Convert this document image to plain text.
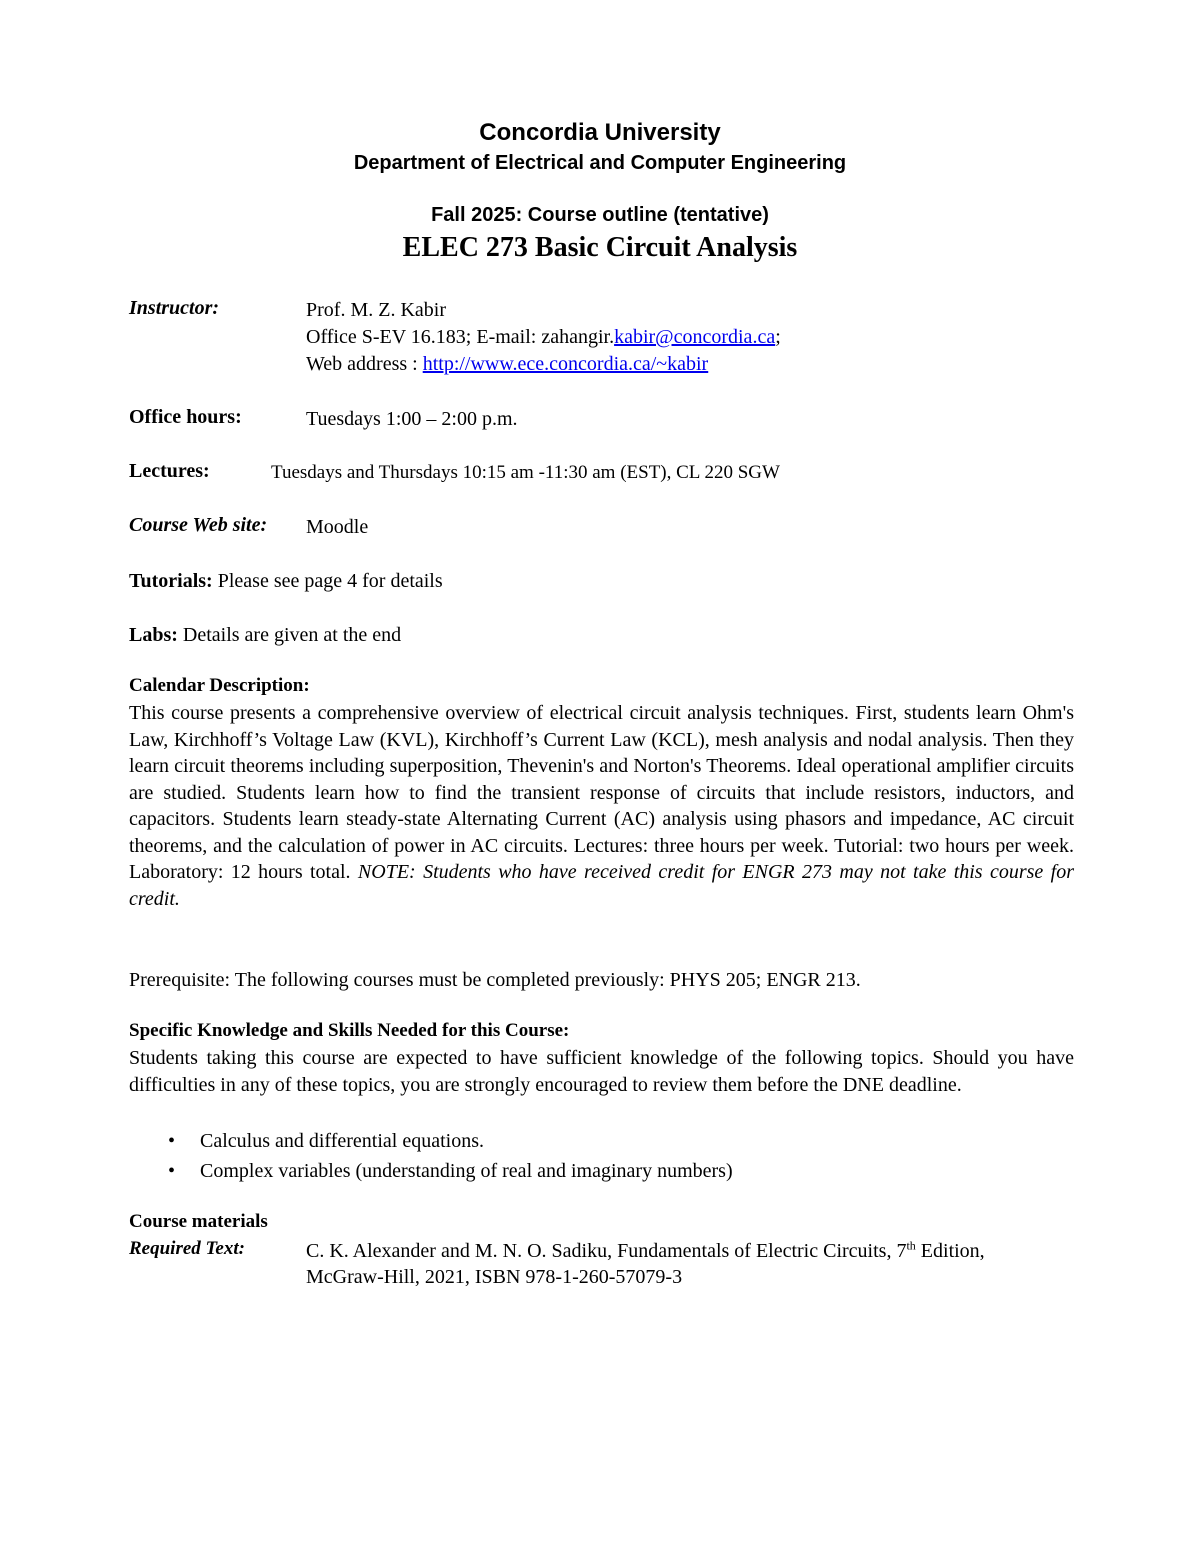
Concordia University
Department of Electrical and Computer Engineering
Fall 2025: Course outline (tentative)
ELEC 273 Basic Circuit Analysis
Instructor:	Prof. M. Z. Kabir
Office S-EV 16.183; E-mail: zahangir.kabir@concordia.ca;
Web address : http://www.ece.concordia.ca/~kabir
Office hours:	Tuesdays 1:00 – 2:00 p.m.
Lectures:	Tuesdays and Thursdays 10:15 am -11:30 am (EST), CL 220 SGW
Course Web site: Moodle
Tutorials: Please see page 4 for details
Labs: Details are given at the end
Calendar Description:
This course presents a comprehensive overview of electrical circuit analysis techniques. First, students learn Ohm's Law, Kirchhoff’s Voltage Law (KVL), Kirchhoff’s Current Law (KCL), mesh analysis and nodal analysis. Then they learn circuit theorems including superposition, Thevenin's and Norton's Theorems. Ideal operational amplifier circuits are studied. Students learn how to find the transient response of circuits that include resistors, inductors, and capacitors. Students learn steady-state Alternating Current (AC) analysis using phasors and impedance, AC circuit theorems, and the calculation of power in AC circuits. Lectures: three hours per week. Tutorial: two hours per week. Laboratory: 12 hours total. NOTE: Students who have received credit for ENGR 273 may not take this course for credit.
Prerequisite: The following courses must be completed previously: PHYS 205; ENGR 213.
Specific Knowledge and Skills Needed for this Course:
Students taking this course are expected to have sufficient knowledge of the following topics. Should you have difficulties in any of these topics, you are strongly encouraged to review them before the DNE deadline.
• Calculus and differential equations.
• Complex variables (understanding of real and imaginary numbers)
Course materials
Required Text:	C. K. Alexander and M. N. O. Sadiku, Fundamentals of Electric Circuits, 7th Edition,
McGraw-Hill, 2021, ISBN 978-1-260-57079-3
